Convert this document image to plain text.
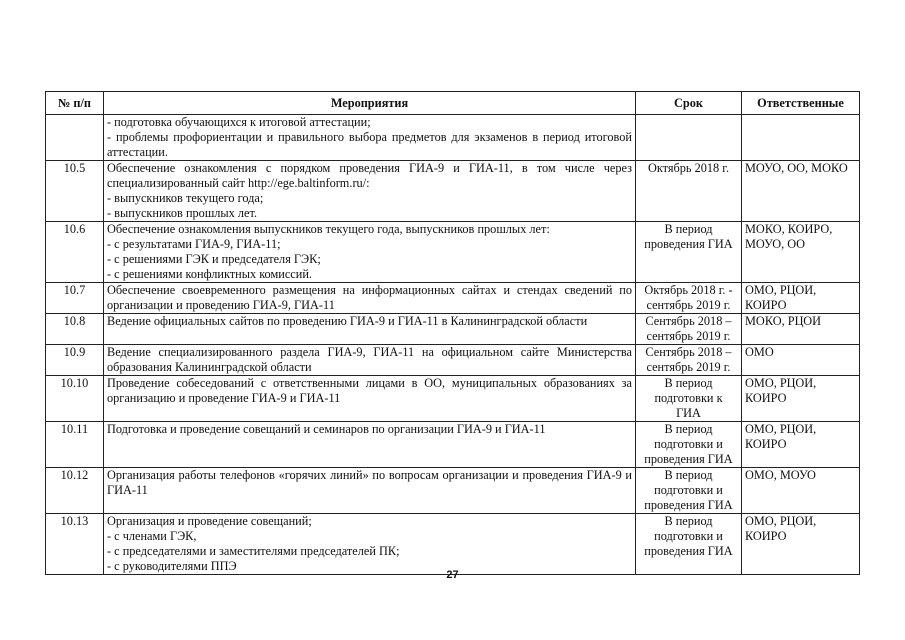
№ п/п	Мероприятия	Срок	Ответственные

	- подготовка обучающихся к итоговой аттестации;
- проблемы профориентации и правильного выбора предметов для экзаменов в период итоговой аттестации.		

10.5	Обеспечение ознакомления с порядком проведения ГИА-9 и ГИА-11, в том числе через специализированный сайт http://ege.baltinform.ru/:
- выпускников текущего года;
- выпускников прошлых лет.	Октябрь 2018 г.	МОУО, ОО, МОКО

10.6	Обеспечение ознакомления выпускников текущего года, выпускников прошлых лет:
- с результатами ГИА-9, ГИА-11;
- с решениями ГЭК и председателя ГЭК;
- с решениями конфликтных комиссий.	В период
проведения ГИА	МОКО, КОИРО,
МОУО, ОО

10.7	Обеспечение своевременного размещения на информационных сайтах и стендах сведений по организации и проведению ГИА-9, ГИА-11	Октябрь 2018 г. -
сентябрь 2019 г.	ОМО, РЦОИ,
КОИРО

10.8	Ведение официальных сайтов по проведению ГИА-9 и ГИА-11 в Калининградской области	Сентябрь 2018 –
сентябрь 2019 г.	МОКО, РЦОИ

10.9	Ведение специализированного раздела ГИА-9, ГИА-11 на официальном сайте Министерства образования Калининградской области	Сентябрь 2018 –
сентябрь 2019 г.	ОМО

10.10	Проведение собеседований с ответственными лицами в ОО, муниципальных образованиях за организацию и проведение ГИА-9 и ГИА-11	В период
подготовки к
ГИА	ОМО, РЦОИ,
КОИРО

10.11	Подготовка и проведение совещаний и семинаров по организации ГИА-9 и ГИА-11	В период
подготовки и
проведения ГИА	ОМО, РЦОИ,
КОИРО

10.12	Организация работы телефонов «горячих линий» по вопросам организации и проведения ГИА-9 и ГИА-11	В период
подготовки и
проведения ГИА	ОМО, МОУО

10.13	Организация и проведение совещаний;
- с членами ГЭК,
- с председателями и заместителями председателей ПК;
- с руководителями ППЭ	В период
подготовки и
проведения ГИА	ОМО, РЦОИ,
КОИРО
27
